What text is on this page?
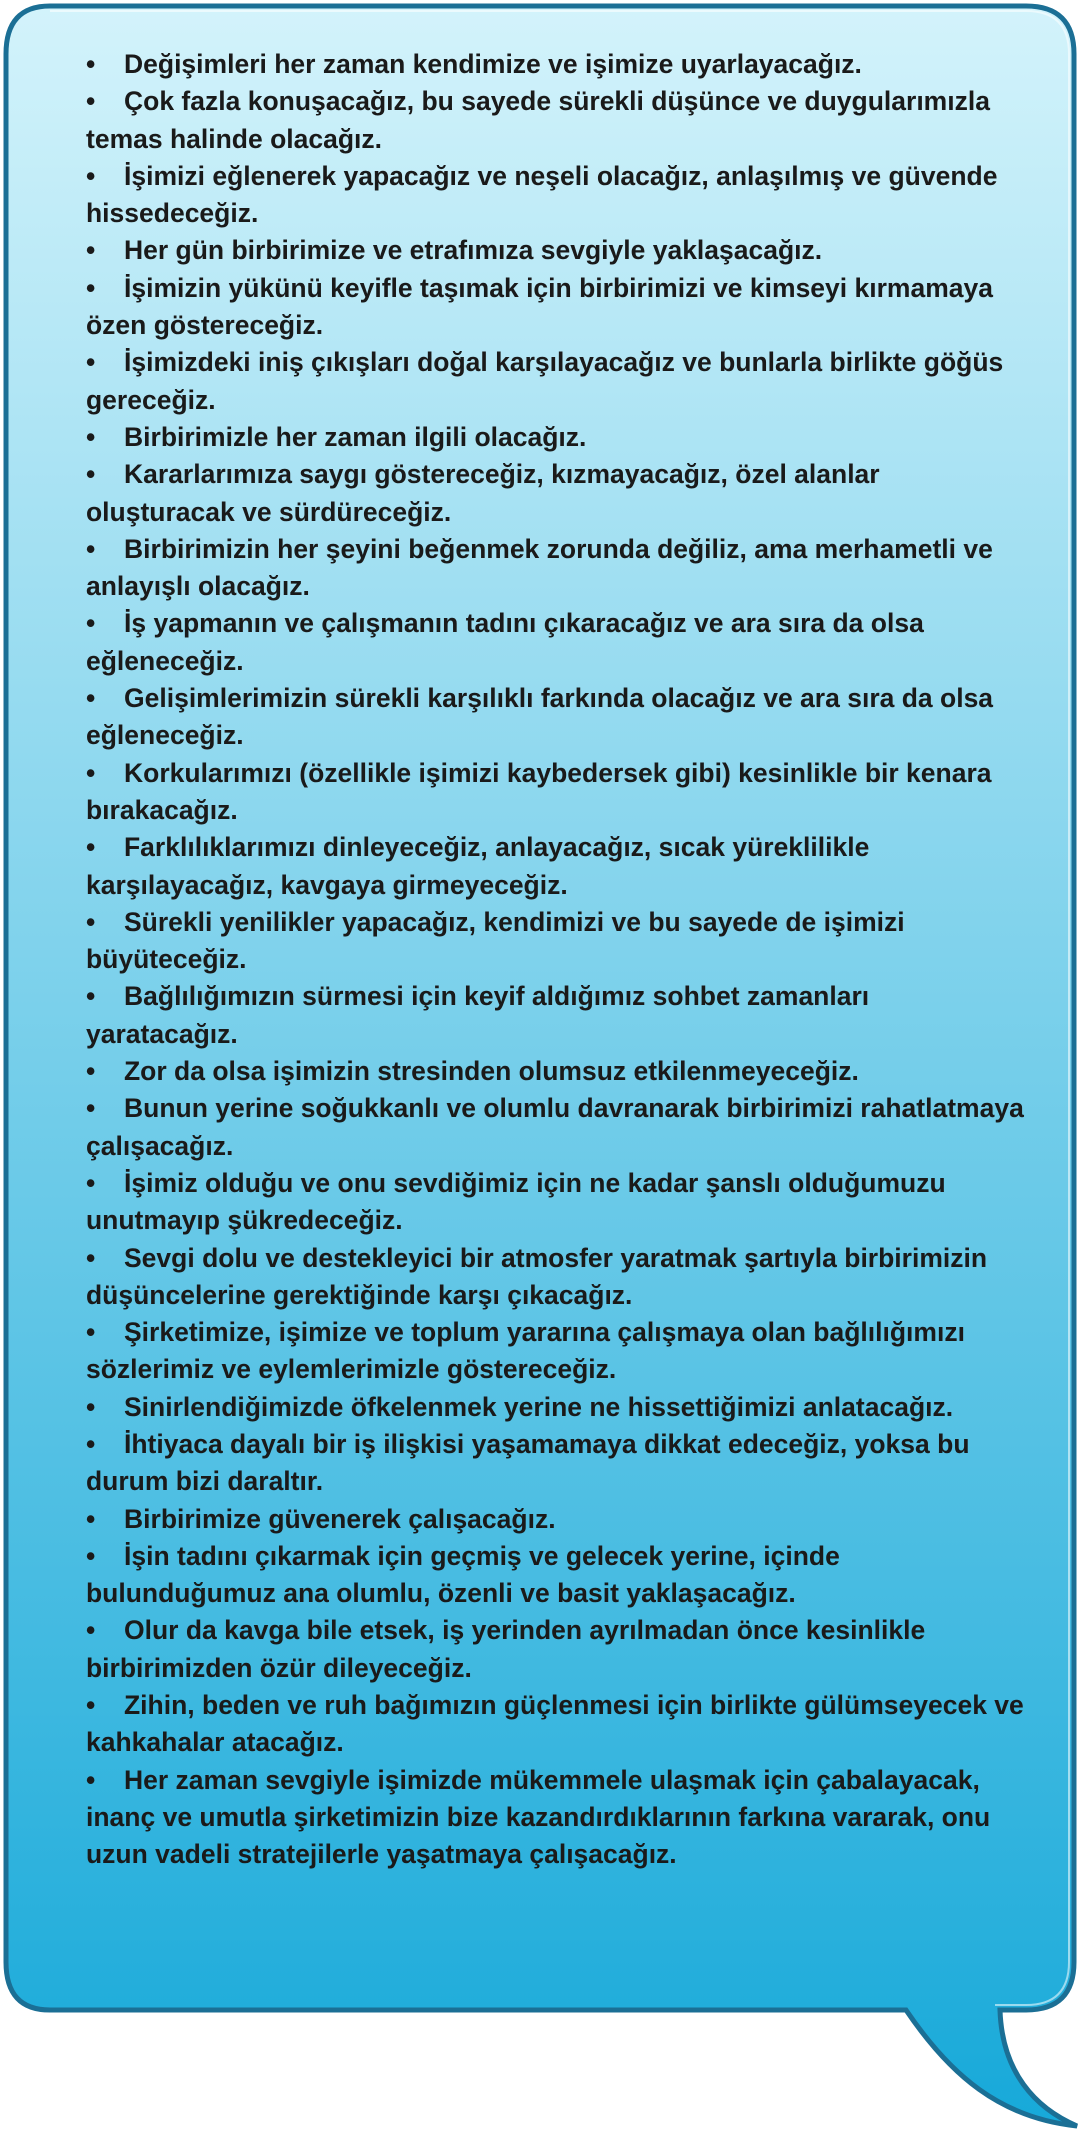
• Değişimleri her zaman kendimize ve işimize uyarlayacağız.
• Çok fazla konuşacağız, bu sayede sürekli düşünce ve duygularımızla temas halinde olacağız.
• İşimizi eğlenerek yapacağız ve neşeli olacağız, anlaşılmış ve güvende hissedeceğiz.
• Her gün birbirimize ve etrafımıza sevgiyle yaklaşacağız.
• İşimizin yükünü keyifle taşımak için birbirimizi ve kimseyi kırmamaya özen göstereceğiz.
• İşimizdeki iniş çıkışları doğal karşılayacağız ve bunlarla birlikte göğüs gereceğiz.
• Birbirimizle her zaman ilgili olacağız.
• Kararlarımıza saygı göstereceğiz, kızmayacağız, özel alanlar oluşturacak ve sürdüreceğiz.
• Birbirimizin her şeyini beğenmek zorunda değiliz, ama merhametli ve anlayışlı olacağız.
• İş yapmanın ve çalışmanın tadını çıkaracağız ve ara sıra da olsa eğleneceğiz.
• Gelişimlerimizin sürekli karşılıklı farkında olacağız ve ara sıra da olsa eğleneceğiz.
• Korkularımızı (özellikle işimizi kaybedersek gibi) kesinlikle bir kenara bırakacağız.
• Farklılıklarımızı dinleyeceğiz, anlayacağız, sıcak yüreklilikle karşılayacağız, kavgaya girmeyeceğiz.
• Sürekli yenilikler yapacağız, kendimizi ve bu sayede de işimizi büyüteceğiz.
• Bağlılığımızın sürmesi için keyif aldığımız sohbet zamanları yaratacağız.
• Zor da olsa işimizin stresinden olumsuz etkilenmeyeceğiz.
• Bunun yerine soğukkanlı ve olumlu davranarak birbirimizi rahatlatmaya çalışacağız.
• İşimiz olduğu ve onu sevdiğimiz için ne kadar şanslı olduğumuzu unutmayıp şükredeceğiz.
• Sevgi dolu ve destekleyici bir atmosfer yaratmak şartıyla birbirimizin düşüncelerine gerektiğinde karşı çıkacağız.
• Şirketimize, işimize ve toplum yararına çalışmaya olan bağlılığımızı sözlerimiz ve eylemlerimizle göstereceğiz.
• Sinirlendiğimizde öfkelenmek yerine ne hissettiğimizi anlatacağız.
• İhtiyaca dayalı bir iş ilişkisi yaşamamaya dikkat edeceğiz, yoksa bu durum bizi daraltır.
• Birbirimize güvenerek çalışacağız.
• İşin tadını çıkarmak için geçmiş ve gelecek yerine, içinde bulunduğumuz ana olumlu, özenli ve basit yaklaşacağız.
• Olur da kavga bile etsek, iş yerinden ayrılmadan önce kesinlikle birbirimizden özür dileyeceğiz.
• Zihin, beden ve ruh bağımızın güçlenmesi için birlikte gülümseyecek ve kahkahalar atacağız.
• Her zaman sevgiyle işimizde mükemmele ulaşmak için çabalayacak, inanç ve umutla şirketimizin bize kazandırdıklarının farkına vararak, onu uzun vadeli stratejilerle yaşatmaya çalışacağız.
